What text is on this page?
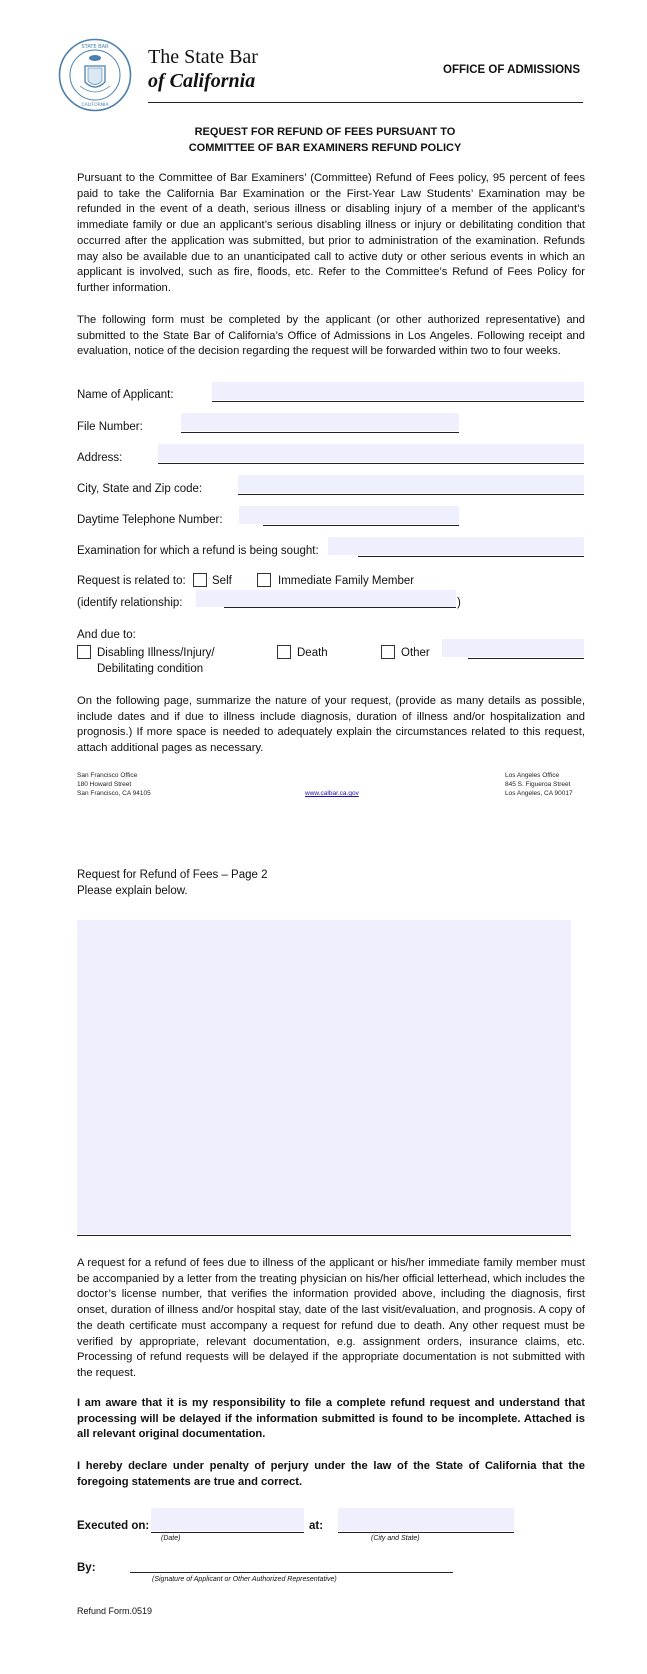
STATE BAR
CALIFORNIA
The State Bar
of California	OFFICE OF ADMISSIONS
REQUEST FOR REFUND OF FEES PURSUANT TO
COMMITTEE OF BAR EXAMINERS REFUND POLICY
Pursuant to the Committee of Bar Examiners’ (Committee) Refund of Fees policy, 95 percent of fees paid to take the California Bar Examination or the First-Year Law Students’ Examination may be refunded in the event of a death, serious illness or disabling injury of a member of the applicant’s immediate family or due an applicant’s serious disabling illness or injury or debilitating condition that occurred after the application was submitted, but prior to administration of the examination. Refunds may also be available due to an unanticipated call to active duty or other serious events in which an applicant is involved, such as fire, floods, etc. Refer to the Committee’s Refund of Fees Policy for further information.
The following form must be completed by the applicant (or other authorized representative) and submitted to the State Bar of California’s Office of Admissions in Los Angeles. Following receipt and evaluation, notice of the decision regarding the request will be forwarded within two to four weeks.
Name of Applicant:
File Number:
Address:
City, State and Zip code:
Daytime Telephone Number:
Examination for which a refund is being sought:
Request is related to: Self	Immediate Family Member
(identify relationship:	)
And due to:
Disabling Illness/Injury/
Debilitating condition
Death	Other
On the following page, summarize the nature of your request, (provide as many details as possible, include dates and if due to illness include diagnosis, duration of illness and/or hospitalization and prognosis.) If more space is needed to adequately explain the circumstances related to this request, attach additional pages as necessary.
San Francisco Office
180 Howard Street
San Francisco, CA 94105	www.calbar.ca.gov
Los Angeles Office
845 S. Figueroa Street
Los Angeles, CA 90017
Request for Refund of Fees – Page 2
Please explain below.
A request for a refund of fees due to illness of the applicant or his/her immediate family member must be accompanied by a letter from the treating physician on his/her official letterhead, which includes the doctor’s license number, that verifies the information provided above, including the diagnosis, first onset, duration of illness and/or hospital stay, date of the last visit/evaluation, and prognosis. A copy of the death certificate must accompany a request for refund due to death. Any other request must be verified by appropriate, relevant documentation, e.g. assignment orders, insurance claims, etc. Processing of refund requests will be delayed if the appropriate documentation is not submitted with the request.
I am aware that it is my responsibility to file a complete refund request and understand that processing will be delayed if the information submitted is found to be incomplete. Attached is all relevant original documentation.
I hereby declare under penalty of perjury under the law of the State of California that the foregoing statements are true and correct.
Executed on:
(Date)
at:
(City and State)
By:
(Signature of Applicant or Other Authorized Representative)
Refund Form.0519
